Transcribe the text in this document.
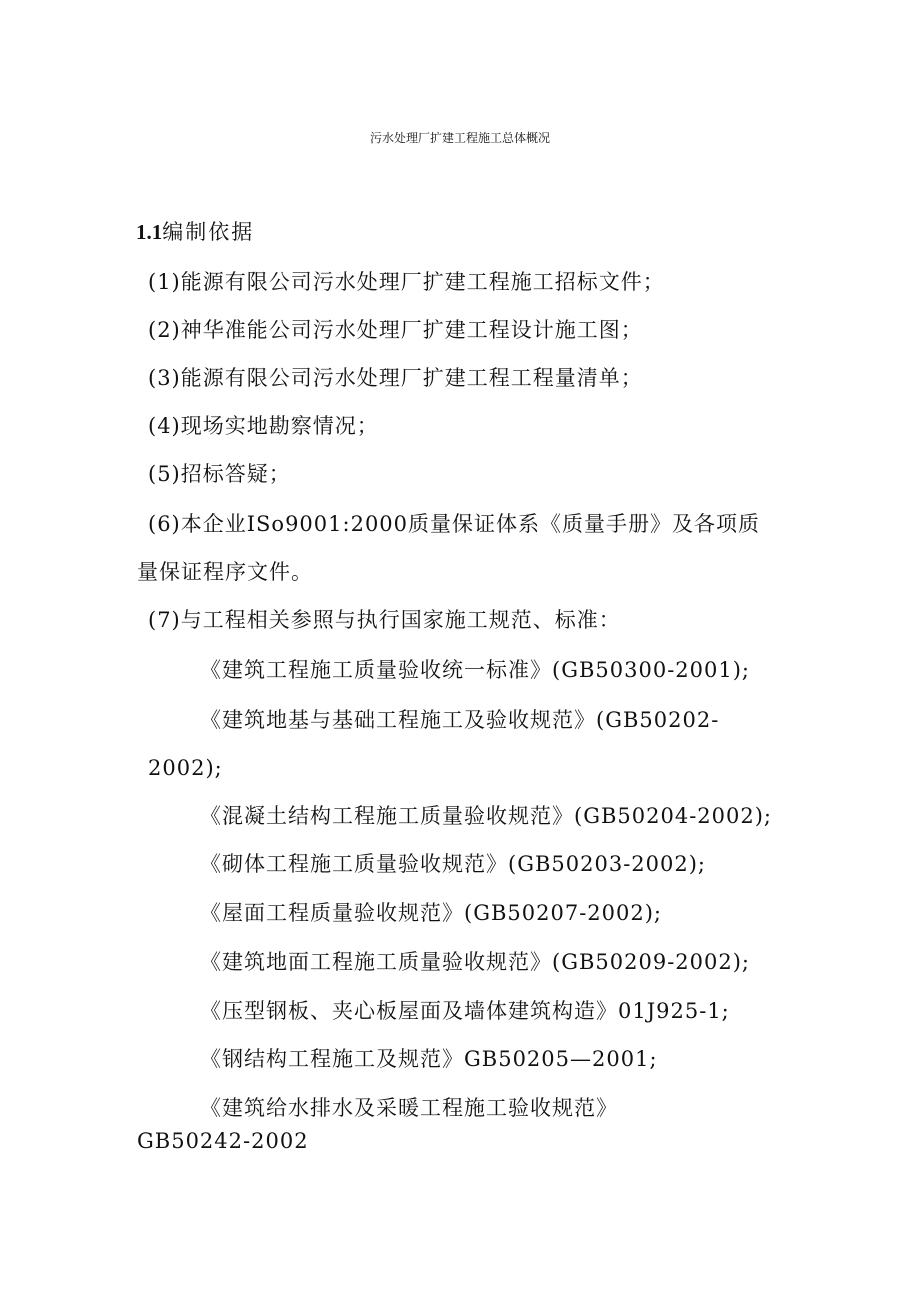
污水处理厂扩建工程施工总体概况
1.1编制依据
(1)能源有限公司污水处理厂扩建工程施工招标文件；
(2)神华准能公司污水处理厂扩建工程设计施工图；
(3)能源有限公司污水处理厂扩建工程工程量清单；
(4)现场实地勘察情况；
(5)招标答疑；
(6)本企业ISo9001:2000质量保证体系《质量手册》及各项质
量保证程序文件。
(7)与工程相关参照与执行国家施工规范、标准：
《建筑工程施工质量验收统一标准》(GB50300-2001);
《建筑地基与基础工程施工及验收规范》(GB50202-
2002);
《混凝土结构工程施工质量验收规范》(GB50204-2002);
《砌体工程施工质量验收规范》(GB50203-2002);
《屋面工程质量验收规范》(GB50207-2002);
《建筑地面工程施工质量验收规范》(GB50209-2002);
《压型钢板、夹心板屋面及墙体建筑构造》01J925-1;
《钢结构工程施工及规范》GB50205—2001;
《建筑给水排水及采暖工程施工验收规范》
GB50242-2002
